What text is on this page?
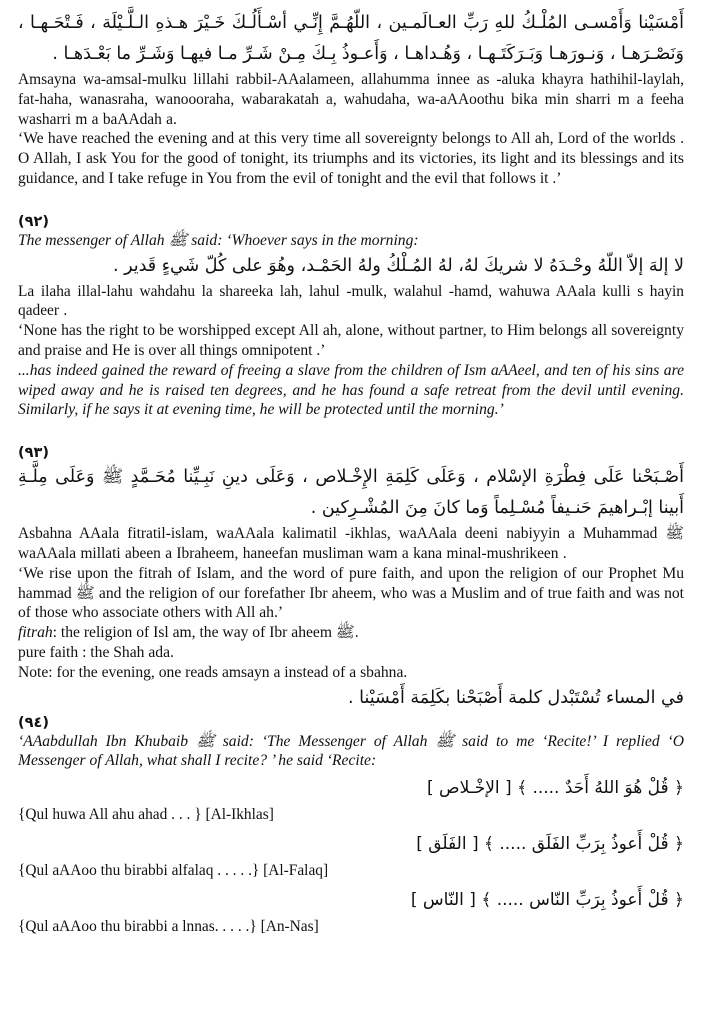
أَمْسَيْنا وَأَمْسـى المُلْـكُ للهِ رَبِّ العـالَمـين ، اللّهُـمَّ إِنِّـي أسْـأَلُـكَ خَـيْرَ هـذهِ الـلَّـيْلَة ، فَـتْحَـهـا ، وَنَصْـرَهـا ، وَنـورَهـا وَبَـرَكَتَـهـا ، وَهُـداهـا ، وَأَعـوذُ بِـكَ مِـنْ شَـرِّ مـا فيهـا وَشَـرِّ ما بَعْـدَهـا .

Amsayna wa-amsal-mulku lillahi rabbil-AAalameen, allahumma innee as -aluka khayra hathihil-laylah, fat-haha, wanasraha, wanoooraha, wabarakatah a, wahudaha, wa-aAAoothu bika min sharri m a feeha washarri m a baAAdah a.

‘We have reached the evening and at this very time all sovereignty belongs to All ah, Lord of the worlds . O Allah, I ask You for the good of tonight, its triumphs and its victories, its light and its blessings and its guidance, and I take refuge in You from the evil of tonight and the evil that follows it .’

(٩٢)

The messenger of Allah ﷺ said: ‘Whoever says in the morning:

لا إلهَ إلاّ اللّهُ وحْـدَهُ لا شريكَ لهُ، لهُ المُـلْكُ ولهُ الحَمْـد، وهُوَ على كُلّ شَيءٍ قَدير .

La ilaha illal-lahu wahdahu la shareeka lah, lahul -mulk, walahul -hamd, wahuwa AAala kulli s hayin qadeer .

‘None has the right to be worshipped except All ah, alone, without partner, to Him belongs all sovereignty and praise and He is over all things omnipotent .’

...has indeed gained the reward of freeing a slave from the children of Ism aAAeel, and ten of his sins are wiped away and he is raised ten degrees, and he has found a safe retreat from the devil until evening. Similarly, if he says it at evening time, he will be protected until the morning.’

(٩٣)

أَصْـبَحْنا عَلَى فِطْرَةِ الإسْلام ، وَعَلَى كَلِمَةِ الإِخْـلاص ، وَعَلَى دينِ نَبِـيِّنا مُحَـمَّدٍ ﷺ وَعَلَى مِلَّـةِ أَبينا إبْـراهيمَ حَنـيفاً مُسْـلِماً وَما كانَ مِنَ المُشْـرِكين .

Asbahna AAala fitratil-islam, waAAala kalimatil -ikhlas, waAAala deeni nabiyyin a Muhammad ﷺ waAAala millati abeen a Ibraheem, haneefan musliman wam a kana minal-mushrikeen .

‘We rise upon the fitrah of Islam, and the word of pure faith, and upon the religion of our Prophet Mu hammad ﷺ and the religion of our forefather Ibr aheem, who was a Muslim and of true faith and was not of those who associate others with All ah.’

fitrah: the religion of Isl am, the way of Ibr aheem ﷺ.

pure faith : the Shah ada.

Note: for the evening, one reads amsayn a instead of a sbahna.

في المساء تُسْتَبْدل كلمة أَصْبَحْنا بكَلِمَة أَمْسَيْنا .

(٩٤)

‘AAabdullah Ibn Khubaib ﷺ said: ‘The Messenger of Allah ﷺ said to me ‘Recite!’ I replied ‘O Messenger of Allah, what shall I recite? ’ he said ‘Recite:

﴿ قُلْ هُوَ اللهُ أَحَدٌ ..... ﴾ [ الإخْـلاص ]

{Qul huwa All ahu ahad . . . } [Al-Ikhlas]

﴿ قُلْ أَعوذُ بِرَبِّ الفَلَق ..... ﴾ [ الفَلَق ]

{Qul aAAoo thu birabbi alfalaq . . . . .} [Al-Falaq]

﴿ قُلْ أَعوذُ بِرَبِّ النّاس ..... ﴾ [ النّاس ]

{Qul aAAoo thu birabbi a lnnas. . . . .} [An-Nas]
